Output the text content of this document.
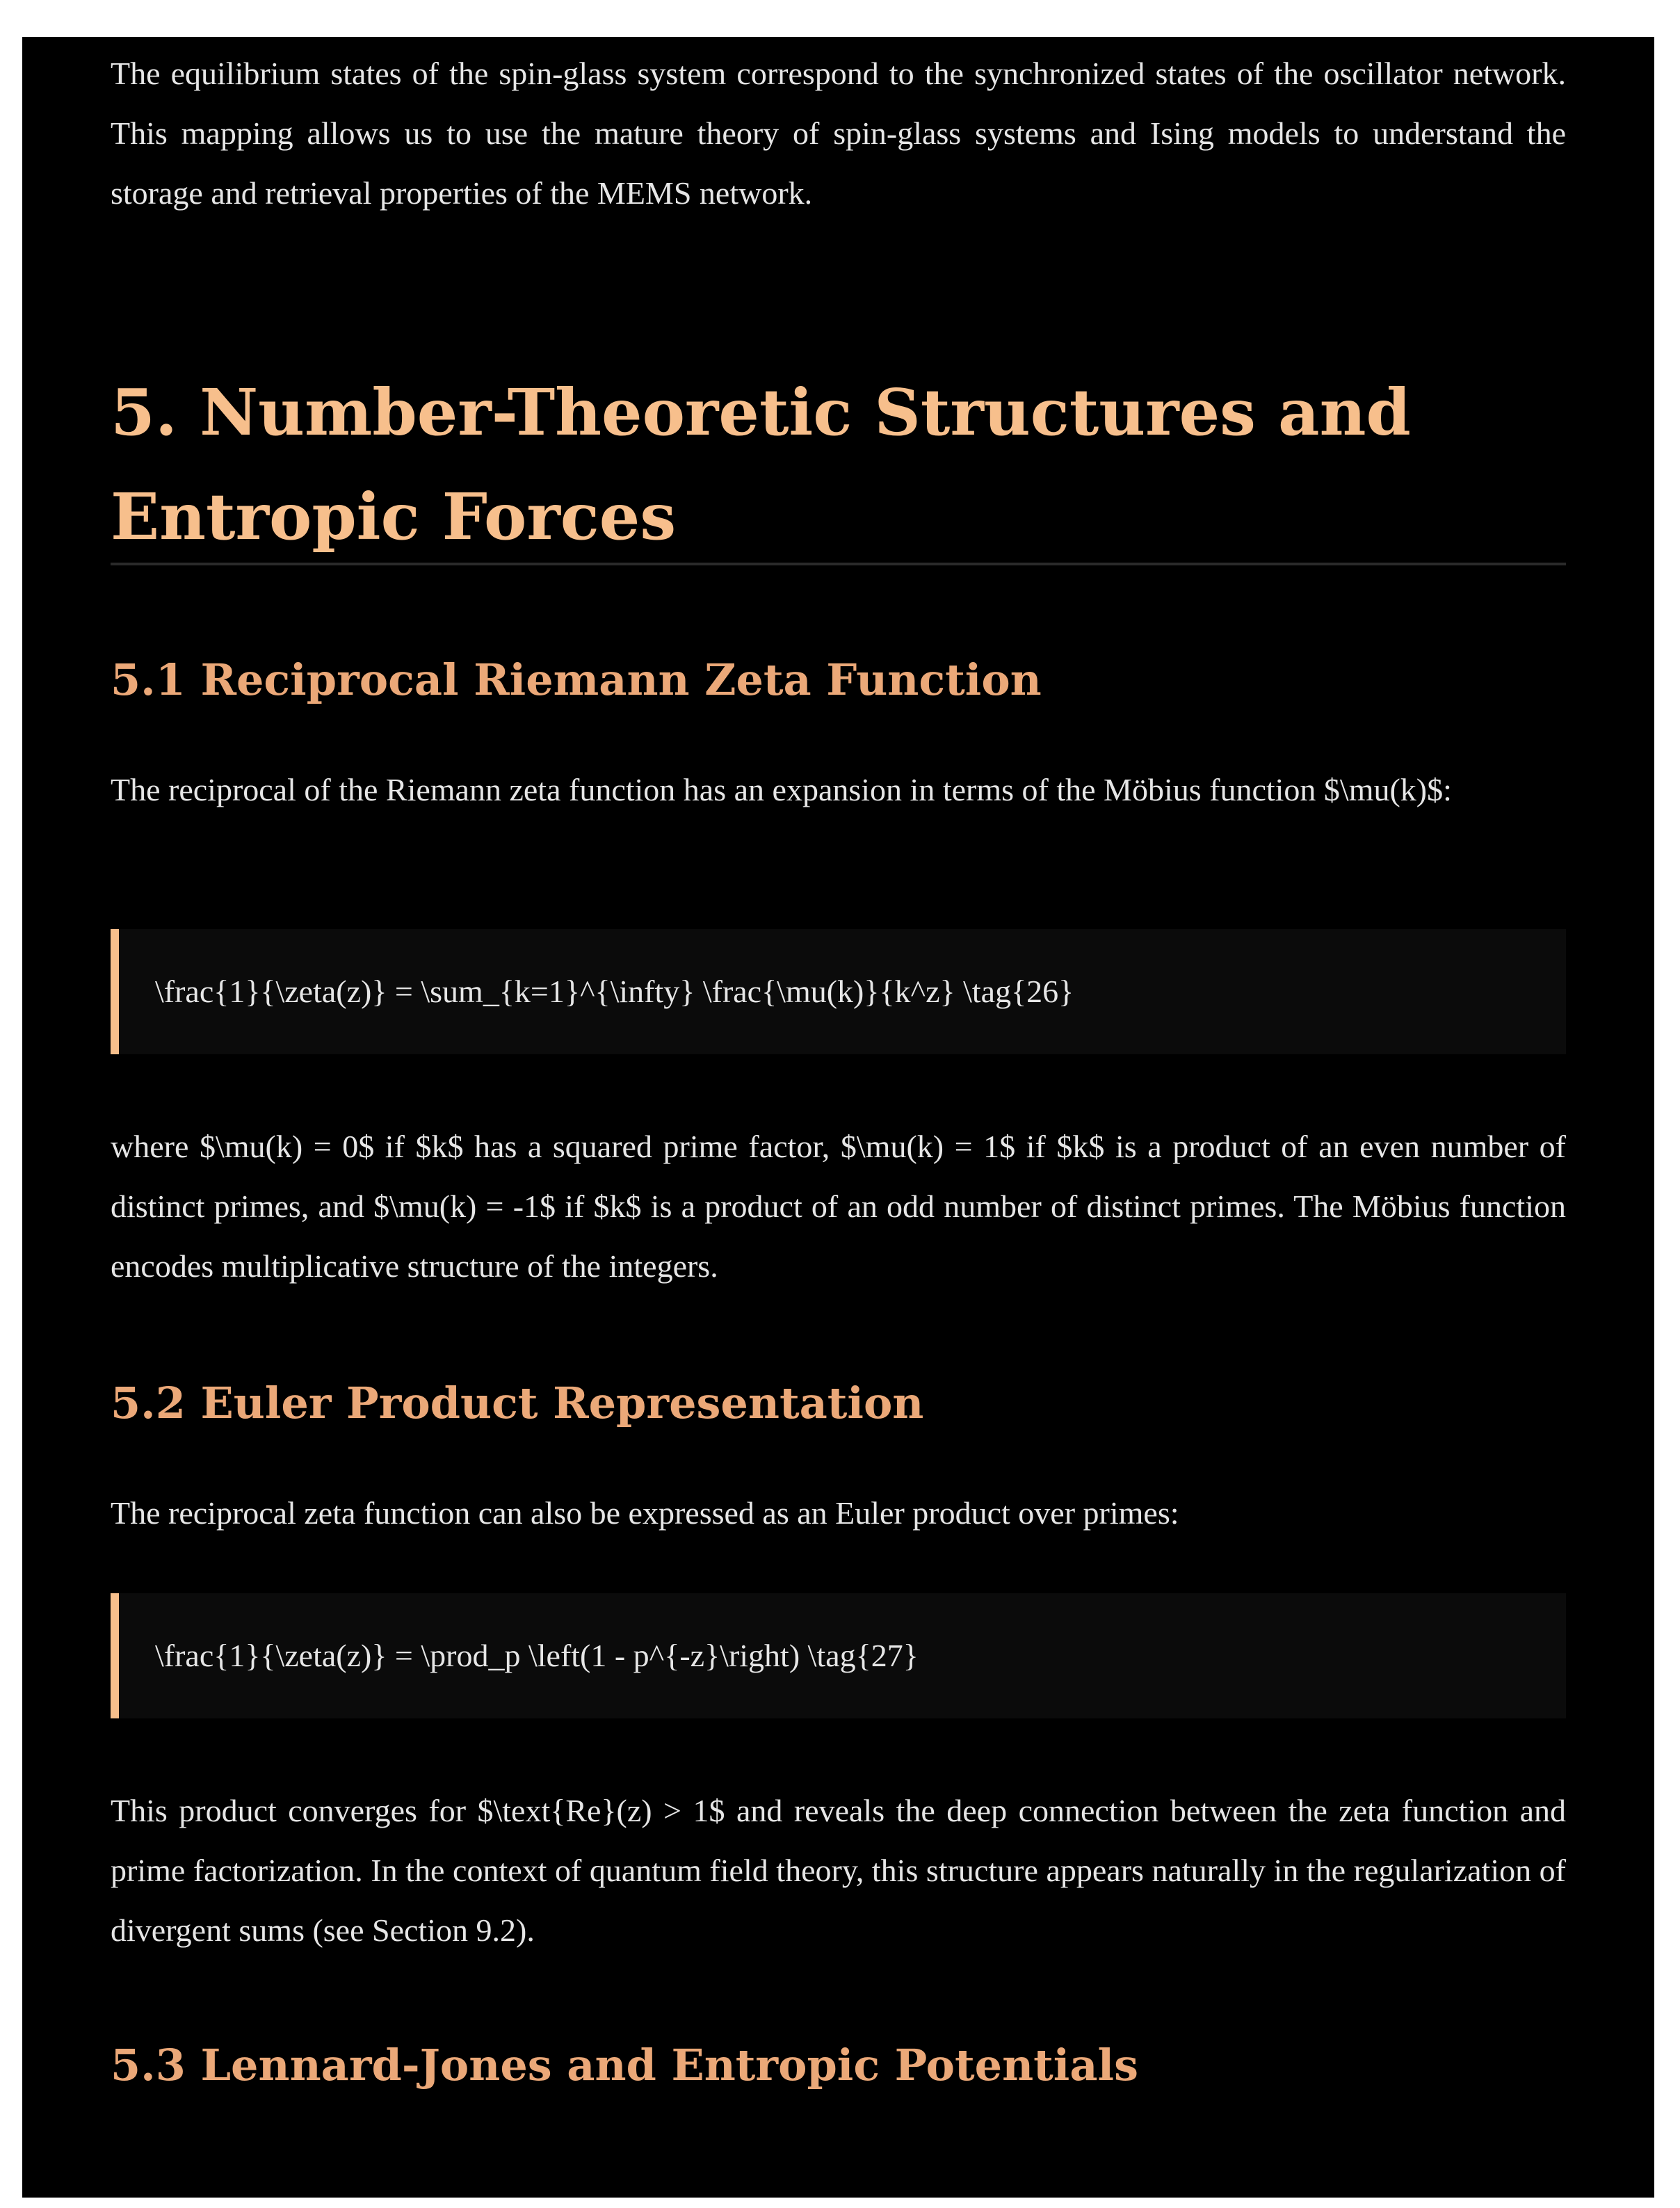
The equilibrium states of the spin-glass system correspond to the synchronized states of the oscillator network. This mapping allows us to use the mature theory of spin-glass systems and Ising models to understand the storage and retrieval properties of the MEMS network.

5. Number-Theoretic Structures and Entropic Forces
5.1 Reciprocal Riemann Zeta Function

The reciprocal of the Riemann zeta function has an expansion in terms of the Möbius function $\mu(k)$:

\frac{1}{\zeta(z)} = \sum_{k=1}^{\infty} \frac{\mu(k)}{k^z} \tag{26}

where $\mu(k) = 0$ if $k$ has a squared prime factor, $\mu(k) = 1$ if $k$ is a product of an even number of distinct primes, and $\mu(k) = -1$ if $k$ is a product of an odd number of distinct primes. The Möbius function encodes multiplicative structure of the integers.

5.2 Euler Product Representation

The reciprocal zeta function can also be expressed as an Euler product over primes:

\frac{1}{\zeta(z)} = \prod_p \left(1 - p^{-z}\right) \tag{27}

This product converges for $\text{Re}(z) > 1$ and reveals the deep connection between the zeta function and prime factorization. In the context of quantum field theory, this structure appears naturally in the regularization of divergent sums (see Section 9.2).

5.3 Lennard-Jones and Entropic Potentials
